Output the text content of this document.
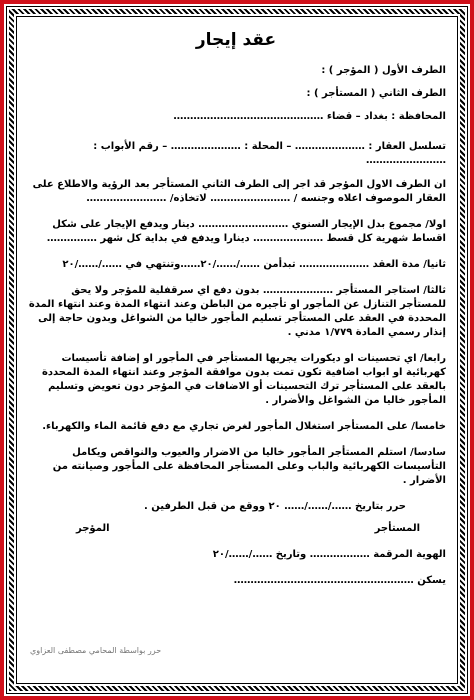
عقد إيجار

الطرف الأول ( المؤجر ) :

الطرف الثاني ( المستأجر ) :

المحافظة : بغداد – قضاء ………………………………………

تسلسل العقار : ………………… – المحلة : ………………… – رقم الأبواب : ……………………

ان الطرف الاول المؤجر قد اجر إلى الطرف الثاني المستأجر بعد الرؤية والاطلاع على العقار الموصوف اعلاه وجنسه / …………………… لاتخاذه/ ……………………

اولا/ مجموع بدل الإيجار السنوي ……………………… دينار ويدفع الإيجار على شكل اقساط شهرية كل قسط ………………… دينارا ويدفع في بداية كل شهر ……………

ثانيا/ مدة العقد ………………… تبدأمن ……/……/٢٠……وتنتهي في ……/……/٢٠

ثالثا/ استاجر المستأجر ………………… بدون دفع اي سرقفلية للمؤجر ولا يحق للمستأجر التنازل عن المأجور او تأجيره من الباطن وعند انتهاء المدة وعند انتهاء المدة المحددة في العقد على المستأجر تسليم المأجور خاليا من الشواغل وبدون حاجة إلى إنذار رسمي المادة ١/٧٧٩ مدني .

رابعا/ اي تحسينات او ديكورات يجريها المستأجر في المأجور او إضافة تأسيسات كهربائية او ابواب اضافية تكون تمت بدون موافقة المؤجر وعند انتهاء المدة المحددة بالعقد على المستأجر ترك التحسينات أو الاضافات في المؤجر دون تعويض وتسليم المأجور خاليا من الشواغل والأضرار .

خامسا/ على المستأجر استغلال المأجور لغرض تجاري مع دفع قائمة الماء والكهرباء.

سادسا/ استلم المستأجر المأجور خاليا من الاضرار والعيوب والنواقص ويكامل التأسيسات الكهربائية والباب وعلى المستأجر المحافظة على المأجور وصيانته من الأضرار .

حرر بتاريخ ……/……/…… ٢٠ ووقع من قبل الطرفين .

المستأجر
المؤجر
الهوية المرقمة ……………… وتاريخ ……/……/٢٠
يسكن ………………………………………………
حرر بواسطة المحامي مصطفى العزاوي
